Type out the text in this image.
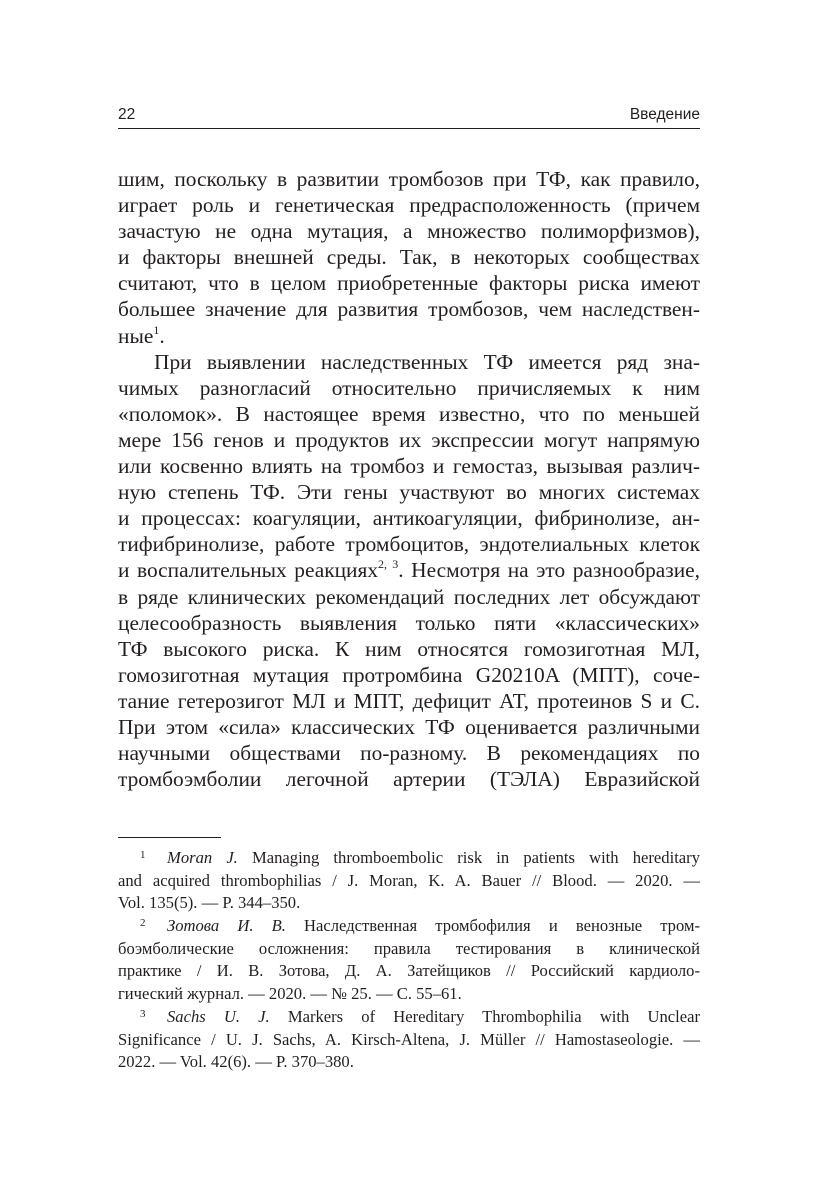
22	Введение
шим, поскольку в развитии тромбозов при ТФ, как правило,
играет роль и генетическая предрасположенность (причем
зачастую не одна мутация, а множество полиморфизмов),
и факторы внешней среды. Так, в некоторых сообществах
считают, что в целом приобретенные факторы риска имеют
большее значение для развития тромбозов, чем наследствен-
ные$^1$.
При выявлении наследственных ТФ имеется ряд зна-
чимых разногласий относительно причисляемых к ним
«поломок». В настоящее время известно, что по меньшей
мере 156 генов и продуктов их экспрессии могут напрямую
или косвенно влиять на тромбоз и гемостаз, вызывая различ-
ную степень ТФ. Эти гены участвуют во многих системах
и процессах: коагуляции, антикоагуляции, фибринолизе, ан-
тифибринолизе, работе тромбоцитов, эндотелиальных клеток
и воспалительных реакциях$^{2, 3}$. Несмотря на это разнообразие,
в ряде клинических рекомендаций последних лет обсуждают
целесообразность выявления только пяти «классических»
ТФ высокого риска. К ним относятся гомозиготная МЛ,
гомозиготная мутация протромбина G20210A (МПТ), соче-
тание гетерозигот МЛ и МПТ, дефицит АТ, протеинов S и C.
При этом «сила» классических ТФ оценивается различными
научными обществами по-разному. В рекомендациях по
тромбоэмболии легочной артерии (ТЭЛА) Евразийской
1 Moran J. Managing thromboembolic risk in patients with hereditary
and acquired thrombophilias / J. Moran, K. A. Bauer // Blood. — 2020. —
Vol. 135(5). — P. 344–350.
2 Зотова И. В. Наследственная тромбофилия и венозные тром-
боэмболические осложнения: правила тестирования в клинической
практике / И. В. Зотова, Д. А. Затейщиков // Российский кардиоло-
гический журнал. — 2020. — № 25. — С. 55–61.
3 Sachs U. J. Markers of Hereditary Thrombophilia with Unclear
Significance / U. J. Sachs, A. Kirsch-Altena, J. Müller // Hamostaseologie. —
2022. — Vol. 42(6). — P. 370–380.
